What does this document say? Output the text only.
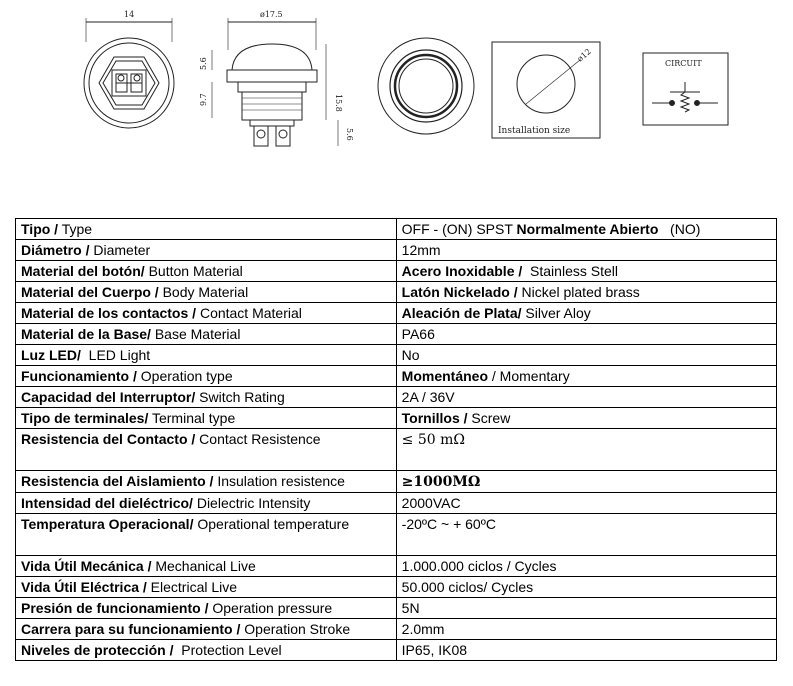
14	ø17.5
5.6
9.7	15.8
5.6
ø12
Installation size
CIRCUIT
Tipo / Type	OFF - (ON) SPST Normalmente Abierto   (NO)
Diámetro / Diameter	12mm
Material del botón/ Button Material	Acero Inoxidable /  Stainless Stell
Material del Cuerpo / Body Material	Latón Nickelado / Nickel plated brass
Material de los contactos / Contact Material	Aleación de Plata/ Silver Aloy
Material de la Base/ Base Material	PA66
Luz LED/  LED Light	No
Funcionamiento / Operation type	Momentáneo / Momentary
Capacidad del Interruptor/ Switch Rating	2A / 36V
Tipo de terminales/ Terminal type	Tornillos / Screw
Resistencia del Contacto / Contact Resistence	≤ 50 mΩ
Resistencia del Aislamiento / Insulation resistence	≥1000MΩ
Intensidad del dieléctrico/ Dielectric Intensity	2000VAC
Temperatura Operacional/ Operational temperature	-20ºC ~ + 60ºC
Vida Útil Mecánica / Mechanical Live	1.000.000 ciclos / Cycles
Vida Útil Eléctrica / Electrical Live	50.000 ciclos/ Cycles
Presión de funcionamiento / Operation pressure	5N
Carrera para su funcionamiento / Operation Stroke	2.0mm
Niveles de protección /  Protection Level	IP65, IK08
